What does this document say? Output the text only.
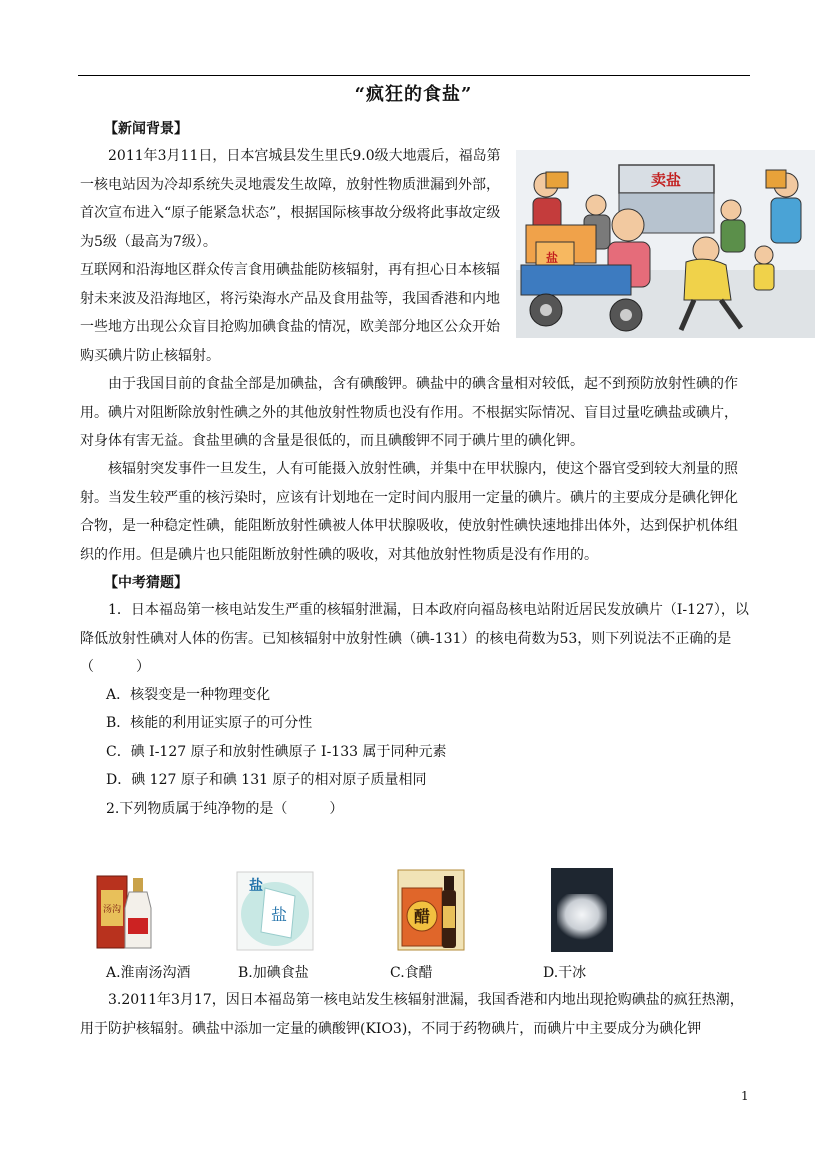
“疯狂的食盐”
【新闻背景】

2011年3月11日，日本宫城县发生里氏9.0级大地震后，福岛第一核电站因为冷却系统失灵地震发生故障，放射性物质泄漏到外部，首次宣布进入“原子能紧急状态”，根据国际核事故分级将此事故定级为5级（最高为7级）。

互联网和沿海地区群众传言食用碘盐能防核辐射，再有担心日本核辐射未来波及沿海地区，将污染海水产品及食用盐等，我国香港和内地一些地方出现公众盲目抢购加碘食盐的情况，欧美部分地区公众开始购买碘片防止核辐射。

卖盐
盐

由于我国目前的食盐全部是加碘盐，含有碘酸钾。碘盐中的碘含量相对较低，起不到预防放射性碘的作用。碘片对阻断除放射性碘之外的其他放射性物质也没有作用。不根据实际情况、盲目过量吃碘盐或碘片，对身体有害无益。食盐里碘的含量是很低的，而且碘酸钾不同于碘片里的碘化钾。

核辐射突发事件一旦发生，人有可能摄入放射性碘，并集中在甲状腺内，使这个器官受到较大剂量的照射。当发生较严重的核污染时，应该有计划地在一定时间内服用一定量的碘片。碘片的主要成分是碘化钾化合物，是一种稳定性碘，能阻断放射性碘被人体甲状腺吸收，使放射性碘快速地排出体外，达到保护机体组织的作用。但是碘片也只能阻断放射性碘的吸收，对其他放射性物质是没有作用的。

【中考猜题】

1．日本福岛第一核电站发生严重的核辐射泄漏，日本政府向福岛核电站附近居民发放碘片（I-127），以降低放射性碘对人体的伤害。已知核辐射中放射性碘（碘-131）的核电荷数为53，则下列说法不正确的是（　　　）

A．核裂变是一种物理变化
B．核能的利用证实原子的可分性
C．碘 I-127 原子和放射性碘原子 I-133 属于同种元素
D．碘 127 原子和碘 131 原子的相对原子质量相同
2.下列物质属于纯净物的是（　　　）
汤沟
盐
盐	醋
A.淮南汤沟酒	B.加碘食盐	C.食醋	D.干冰

3.2011年3月17，因日本福岛第一核电站发生核辐射泄漏，我国香港和内地出现抢购碘盐的疯狂热潮，用于防护核辐射。碘盐中添加一定量的碘酸钾(KIO3)，不同于药物碘片，而碘片中主要成分为碘化钾

1
